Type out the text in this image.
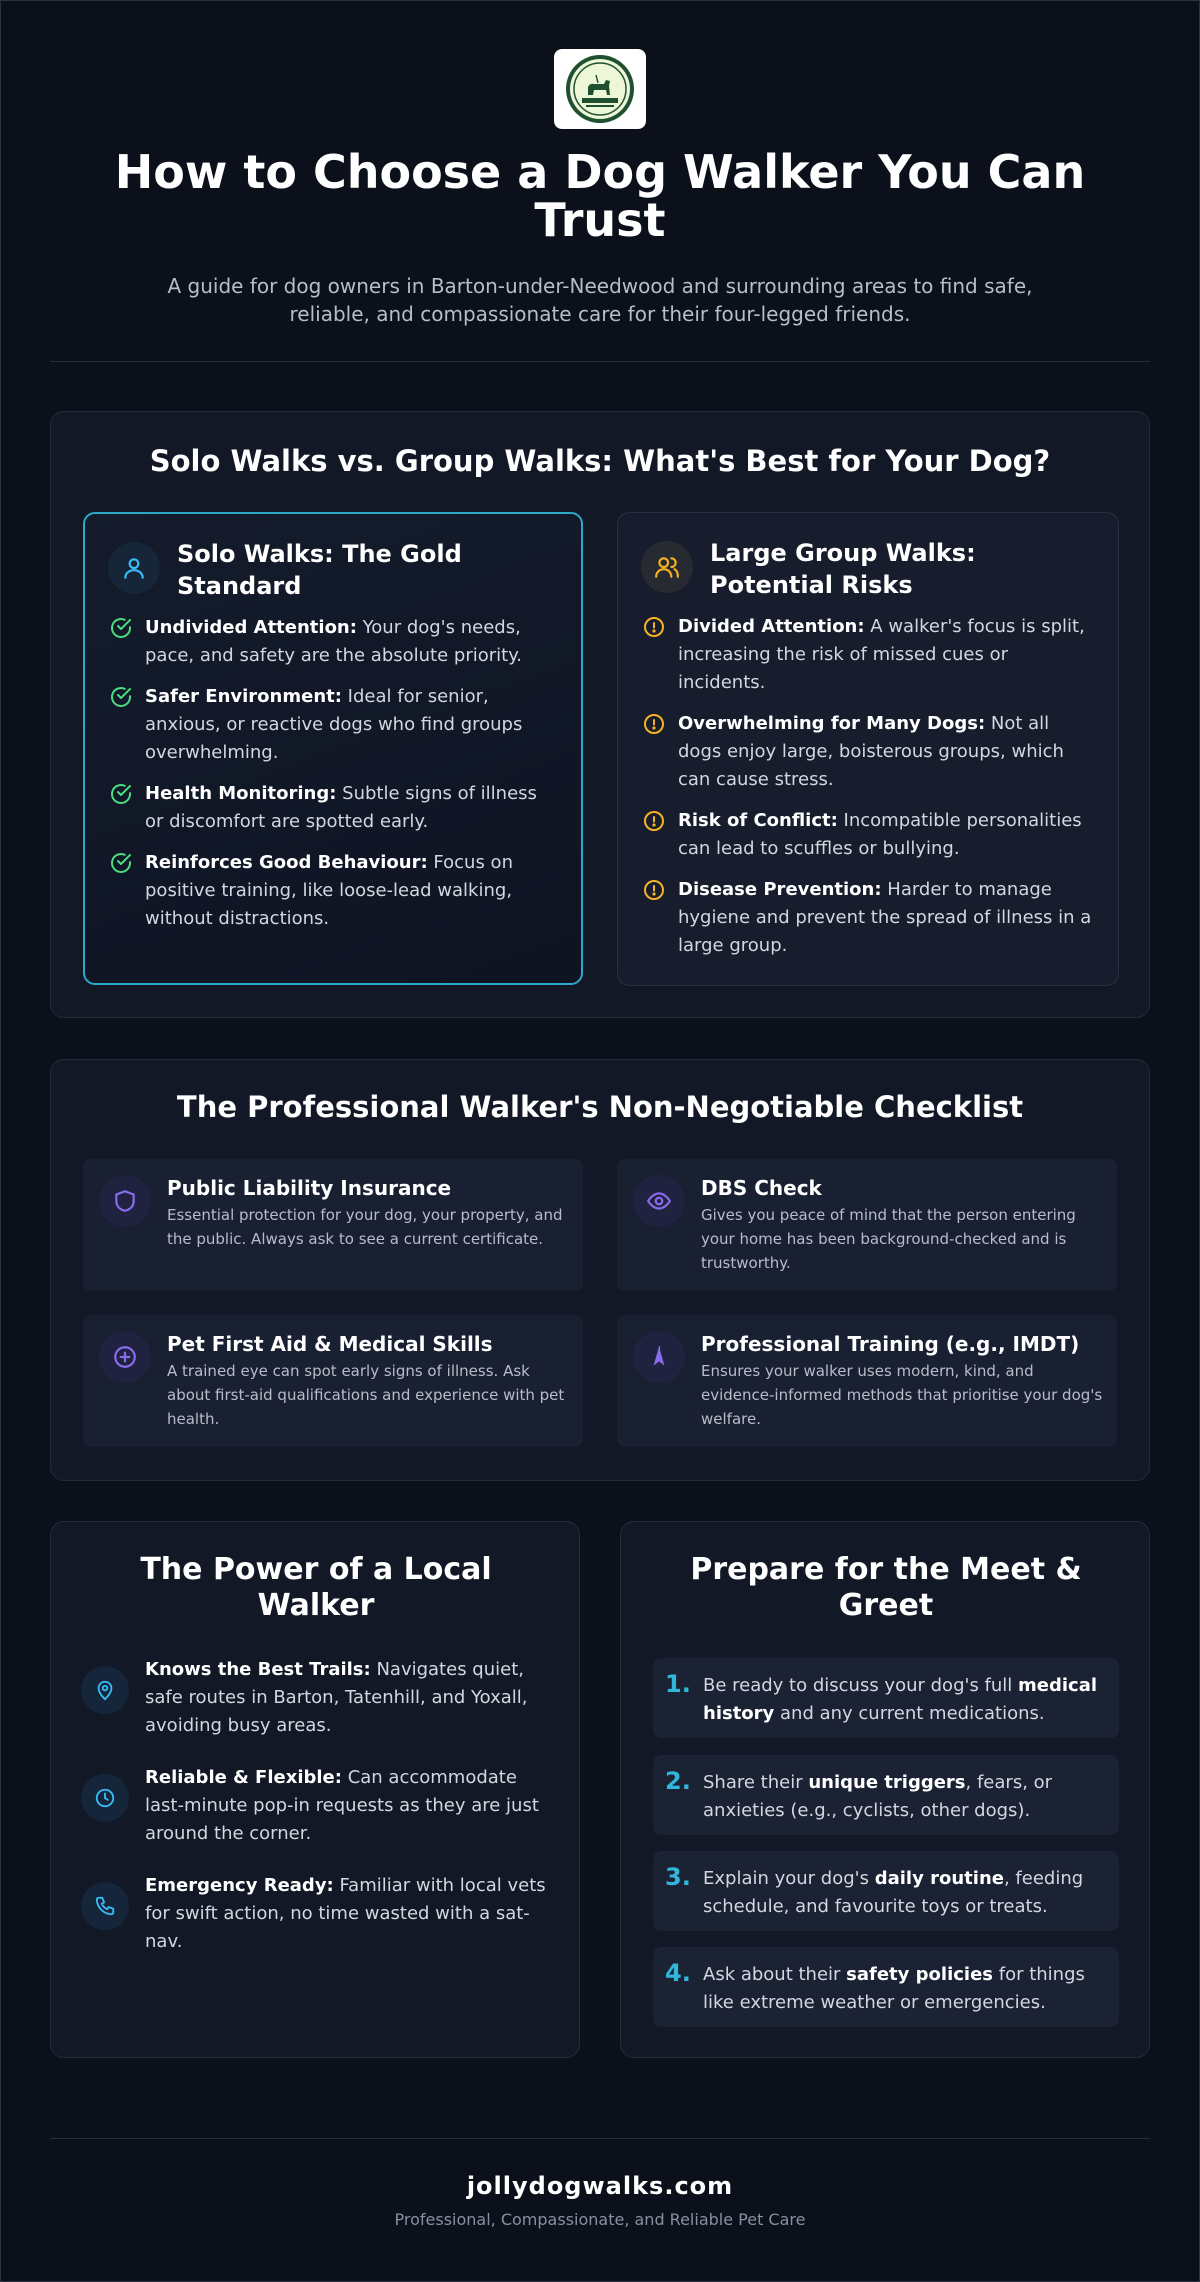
How to Choose a Dog Walker You Can Trust
A guide for dog owners in Barton-under-Needwood and surrounding areas to find safe, reliable, and compassionate care for their four-legged friends.
Solo Walks vs. Group Walks: What's Best for Your Dog?
Solo Walks: The Gold Standard
Undivided Attention: Your dog's needs, pace, and safety are the absolute priority.
Safer Environment: Ideal for senior, anxious, or reactive dogs who find groups overwhelming.
Health Monitoring: Subtle signs of illness or discomfort are spotted early.
Reinforces Good Behaviour: Focus on positive training, like loose-lead walking, without distractions.
Large Group Walks: Potential Risks
Divided Attention: A walker's focus is split, increasing the risk of missed cues or incidents.
Overwhelming for Many Dogs: Not all dogs enjoy large, boisterous groups, which can cause stress.
Risk of Conflict: Incompatible personalities can lead to scuffles or bullying.
Disease Prevention: Harder to manage hygiene and prevent the spread of illness in a large group.
The Professional Walker's Non-Negotiable Checklist
Public Liability Insurance
Essential protection for your dog, your property, and the public. Always ask to see a current certificate.
DBS Check
Gives you peace of mind that the person entering your home has been background-checked and is trustworthy.
Pet First Aid & Medical Skills
A trained eye can spot early signs of illness. Ask about first-aid qualifications and experience with pet health.
Professional Training (e.g., IMDT)
Ensures your walker uses modern, kind, and evidence-informed methods that prioritise your dog's welfare.
The Power of a Local Walker
Knows the Best Trails: Navigates quiet, safe routes in Barton, Tatenhill, and Yoxall, avoiding busy areas.
Reliable & Flexible: Can accommodate last-minute pop-in requests as they are just around the corner.
Emergency Ready: Familiar with local vets for swift action, no time wasted with a sat-nav.
Prepare for the Meet & Greet
1. Be ready to discuss your dog's full medical history and any current medications.
2. Share their unique triggers, fears, or anxieties (e.g., cyclists, other dogs).
3. Explain your dog's daily routine, feeding schedule, and favourite toys or treats.
4. Ask about their safety policies for things like extreme weather or emergencies.
jollydogwalks.com
Professional, Compassionate, and Reliable Pet Care
